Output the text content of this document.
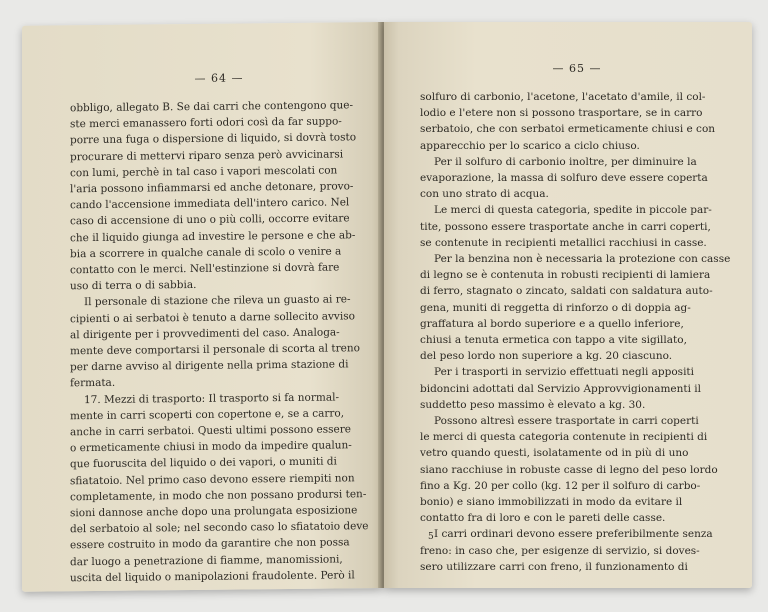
— 64 —

obbligo, allegato B. Se dai carri che contengono que-

ste merci emanassero forti odori così da far suppo-

porre una fuga o dispersione di liquido, si dovrà tosto

procurare di mettervi riparo senza però avvicinarsi

con lumi, perchè in tal caso i vapori mescolati con

l'aria possono infiammarsi ed anche detonare, provo-

cando l'accensione immediata dell'intero carico. Nel

caso di accensione di uno o più colli, occorre evitare

che il liquido giunga ad investire le persone e che ab-

bia a scorrere in qualche canale di scolo o venire a

contatto con le merci. Nell'estinzione si dovrà fare

uso di terra o di sabbia.

Il personale di stazione che rileva un guasto ai re-

cipienti o ai serbatoi è tenuto a darne sollecito avviso

al dirigente per i provvedimenti del caso. Analoga-

mente deve comportarsi il personale di scorta al treno

per darne avviso al dirigente nella prima stazione di

fermata.

17. Mezzi di trasporto: Il trasporto si fa normal-

mente in carri scoperti con copertone e, se a carro,

anche in carri serbatoi. Questi ultimi possono essere

o ermeticamente chiusi in modo da impedire qualun-

que fuoruscita del liquido o dei vapori, o muniti di

sfiatatoio. Nel primo caso devono essere riempiti non

completamente, in modo che non possano prodursi ten-

sioni dannose anche dopo una prolungata esposizione

del serbatoio al sole; nel secondo caso lo sfiatatoio deve

essere costruito in modo da garantire che non possa

dar luogo a penetrazione di fiamme, manomissioni,

uscita del liquido o manipolazioni fraudolente. Però il

— 65 —

solfuro di carbonio, l'acetone, l'acetato d'amile, il col-

lodio e l'etere non si possono trasportare, se in carro

serbatoio, che con serbatoi ermeticamente chiusi e con

apparecchio per lo scarico a ciclo chiuso.

Per il solfuro di carbonio inoltre, per diminuire la

evaporazione, la massa di solfuro deve essere coperta

con uno strato di acqua.

Le merci di questa categoria, spedite in piccole par-

tite, possono essere trasportate anche in carri coperti,

se contenute in recipienti metallici racchiusi in casse.

Per la benzina non è necessaria la protezione con casse

di legno se è contenuta in robusti recipienti di lamiera

di ferro, stagnato o zincato, saldati con saldatura auto-

gena, muniti di reggetta di rinforzo o di doppia ag-

graffatura al bordo superiore e a quello inferiore,

chiusi a tenuta ermetica con tappo a vite sigillato,

del peso lordo non superiore a kg. 20 ciascuno.

Per i trasporti in servizio effettuati negli appositi

bidoncini adottati dal Servizio Approvvigionamenti il

suddetto peso massimo è elevato a kg. 30.

Possono altresì essere trasportate in carri coperti

le merci di questa categoria contenute in recipienti di

vetro quando questi, isolatamente od in più di uno

siano racchiuse in robuste casse di legno del peso lordo

fino a Kg. 20 per collo (kg. 12 per il solfuro di carbo-

bonio) e siano immobilizzati in modo da evitare il

contatto fra di loro e con le pareti delle casse.

I carri ordinari devono essere preferibilmente senza

freno: in caso che, per esigenze di servizio, si doves-

sero utilizzare carri con freno, il funzionamento di

5
